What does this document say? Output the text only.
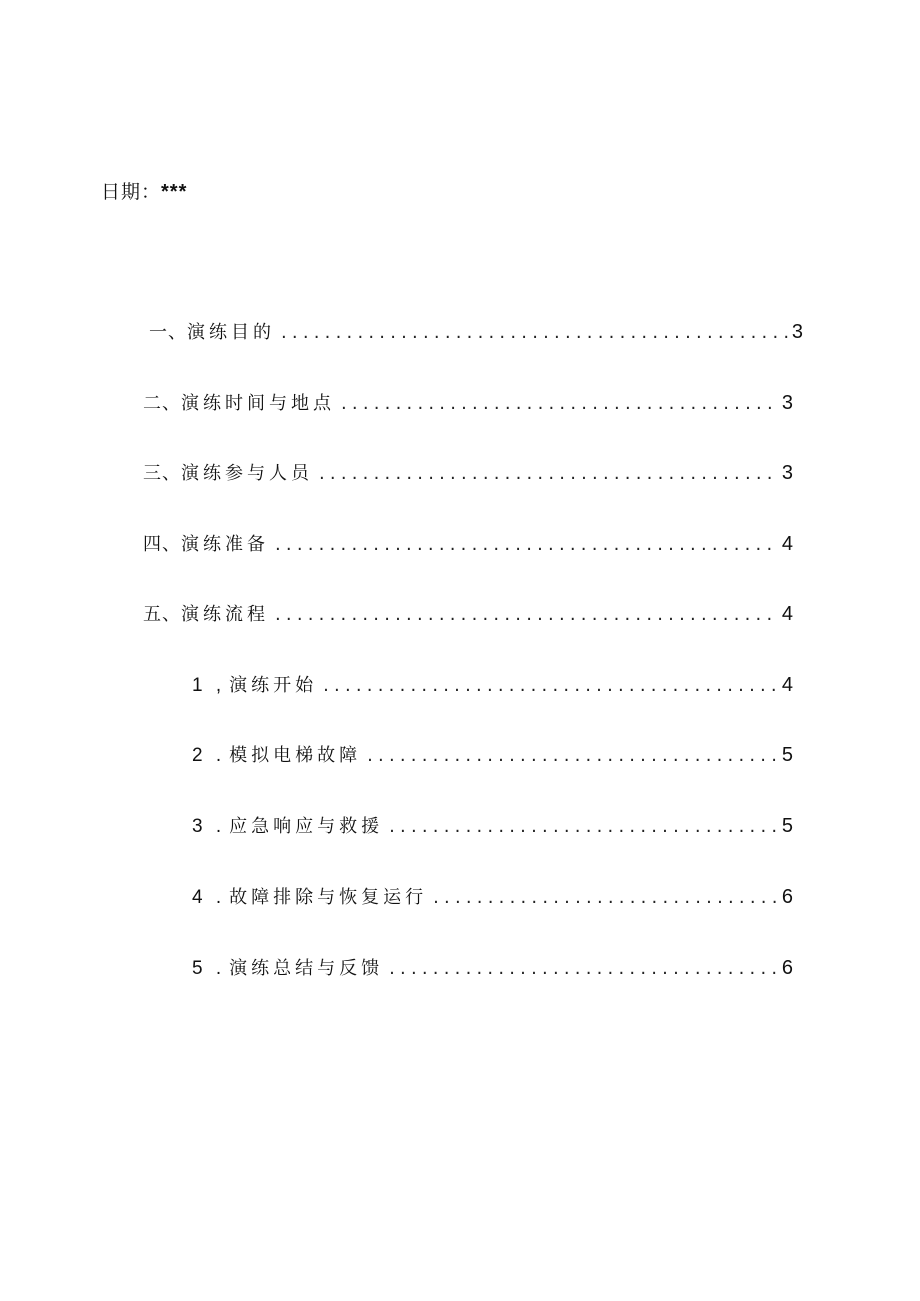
日期：***
一、 演练目的 .....	3
二、 演练时间与地点 .....	3
三、 演练参与人员 .....	3
四、 演练准备 .....	4
五、 演练流程 .....	4
1 , 演练开始 .....	4
2 . 模拟电梯故障 .....	5
3 . 应急响应与救援 .....	5
4 . 故障排除与恢复运行 .....	6
5 . 演练总结与反馈 .....	6
